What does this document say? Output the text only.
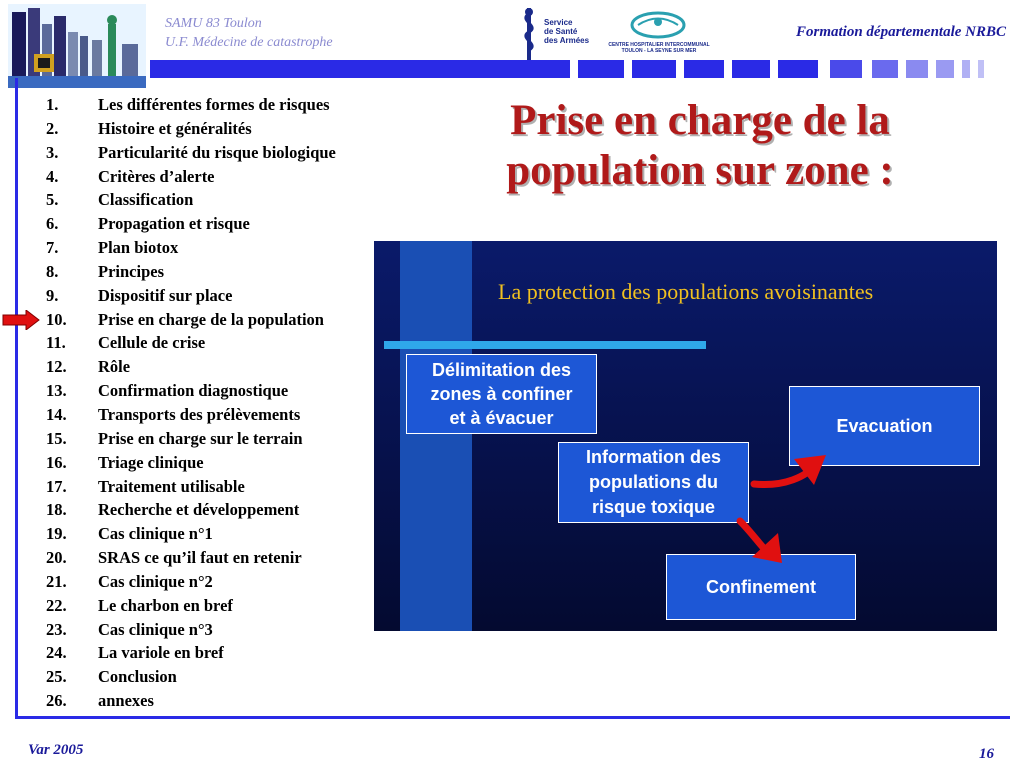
SAMU 83 Toulon
U.F. Médecine de catastrophe
Service
de Santé
des Armées	CENTRE HOSPITALIER INTERCOMMUNAL
TOULON - LA SEYNE SUR MER
Formation départementale NRBC
1.	Les différentes formes de risques
2.	Histoire et généralités
3.	Particularité du risque biologique
4.	Critères d’alerte
5.	Classification
6.	Propagation et risque
7.	Plan biotox
8.	Principes
9.	Dispositif sur place
10.	Prise en charge de la population
11.	Cellule de crise
12.	Rôle
13.	Confirmation diagnostique
14.	Transports des prélèvements
15.	Prise en charge sur le terrain
16.	Triage clinique
17.	Traitement utilisable
18.	Recherche et développement
19.	Cas clinique n°1
20.	SRAS ce qu’il faut en retenir
21.	Cas clinique n°2
22.	Le charbon en bref
23.	Cas clinique n°3
24.	La variole en bref
25.	Conclusion
26.	annexes
Prise en charge de la
population sur zone :
La protection des populations avoisinantes
Délimitation des
zones à confiner
et à évacuer
Information des
populations du
risque toxique
Evacuation
Confinement
Var 2005	16
